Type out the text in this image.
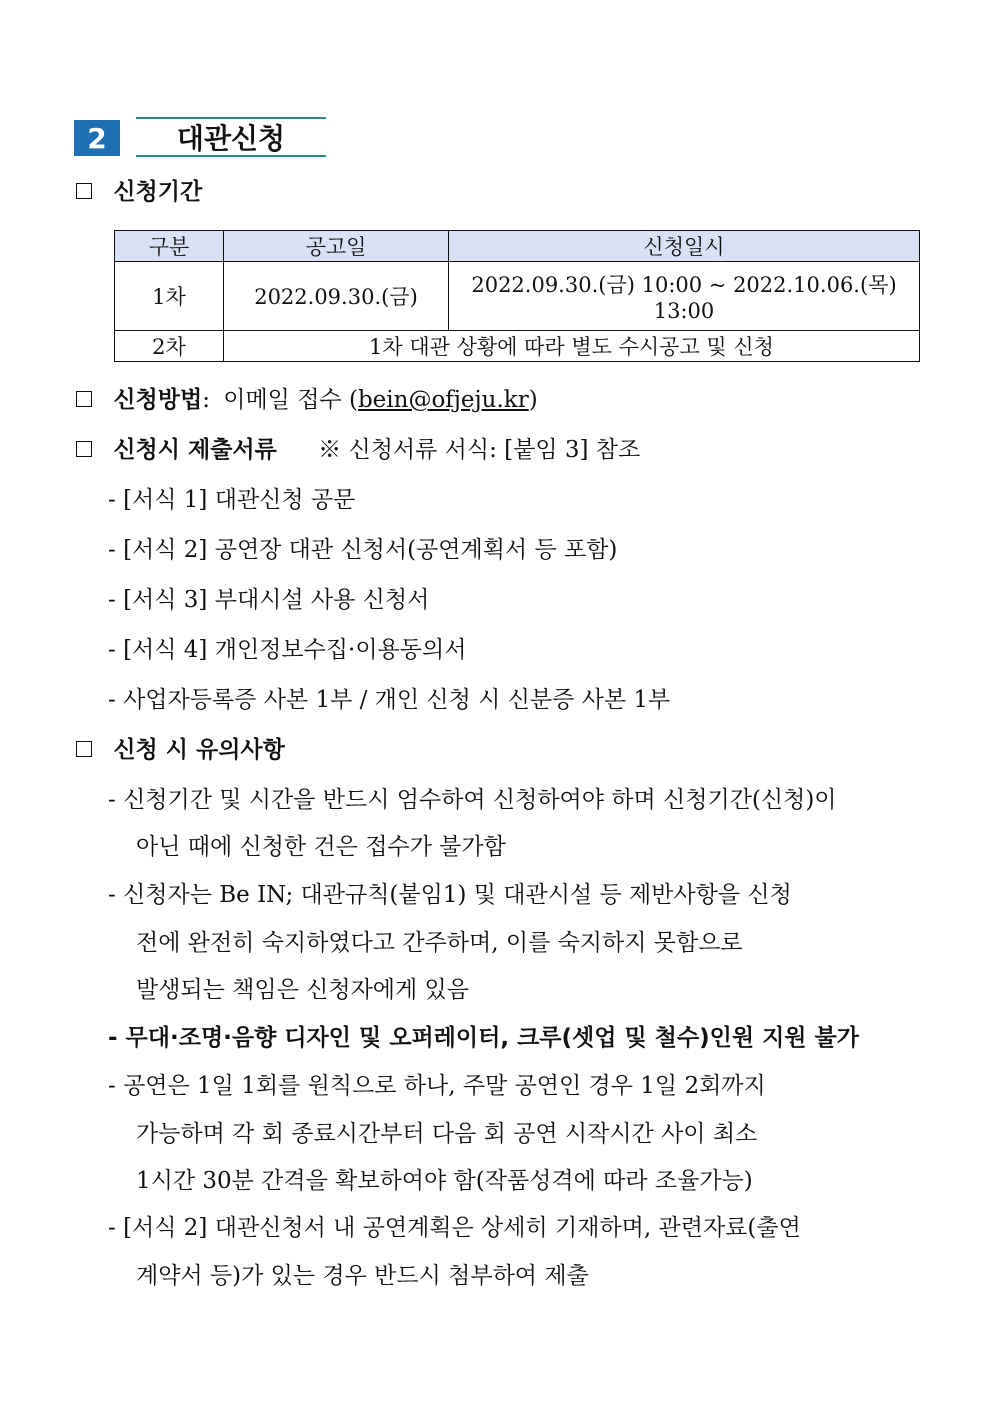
2	대관신청
신청기간
구분	공고일	신청일시
1차	2022.09.30.(금)	2022.09.30.(금) 10:00 ~ 2022.10.06.(목) 13:00
2차	1차 대관 상황에 따라 별도 수시공고 및 신청	
신청방법: 이메일 접수 (bein@ofjeju.kr)
신청시 제출서류 ※ 신청서류 서식: [붙임 3] 참조
- [서식 1] 대관신청 공문
- [서식 2] 공연장 대관 신청서(공연계획서 등 포함)
- [서식 3] 부대시설 사용 신청서
- [서식 4] 개인정보수집·이용동의서
- 사업자등록증 사본 1부 / 개인 신청 시 신분증 사본 1부
신청 시 유의사항
- 신청기간 및 시간을 반드시 엄수하여 신청하여야 하며 신청기간(신청)이
아닌 때에 신청한 건은 접수가 불가함
- 신청자는 Be IN; 대관규칙(붙임1) 및 대관시설 등 제반사항을 신청
전에 완전히 숙지하였다고 간주하며, 이를 숙지하지 못함으로
발생되는 책임은 신청자에게 있음
- 무대·조명·음향 디자인 및 오퍼레이터, 크루(셋업 및 철수)인원 지원 불가
- 공연은 1일 1회를 원칙으로 하나, 주말 공연인 경우 1일 2회까지
가능하며 각 회 종료시간부터 다음 회 공연 시작시간 사이 최소
1시간 30분 간격을 확보하여야 함(작품성격에 따라 조율가능)
- [서식 2] 대관신청서 내 공연계획은 상세히 기재하며, 관련자료(출연
계약서 등)가 있는 경우 반드시 첨부하여 제출
